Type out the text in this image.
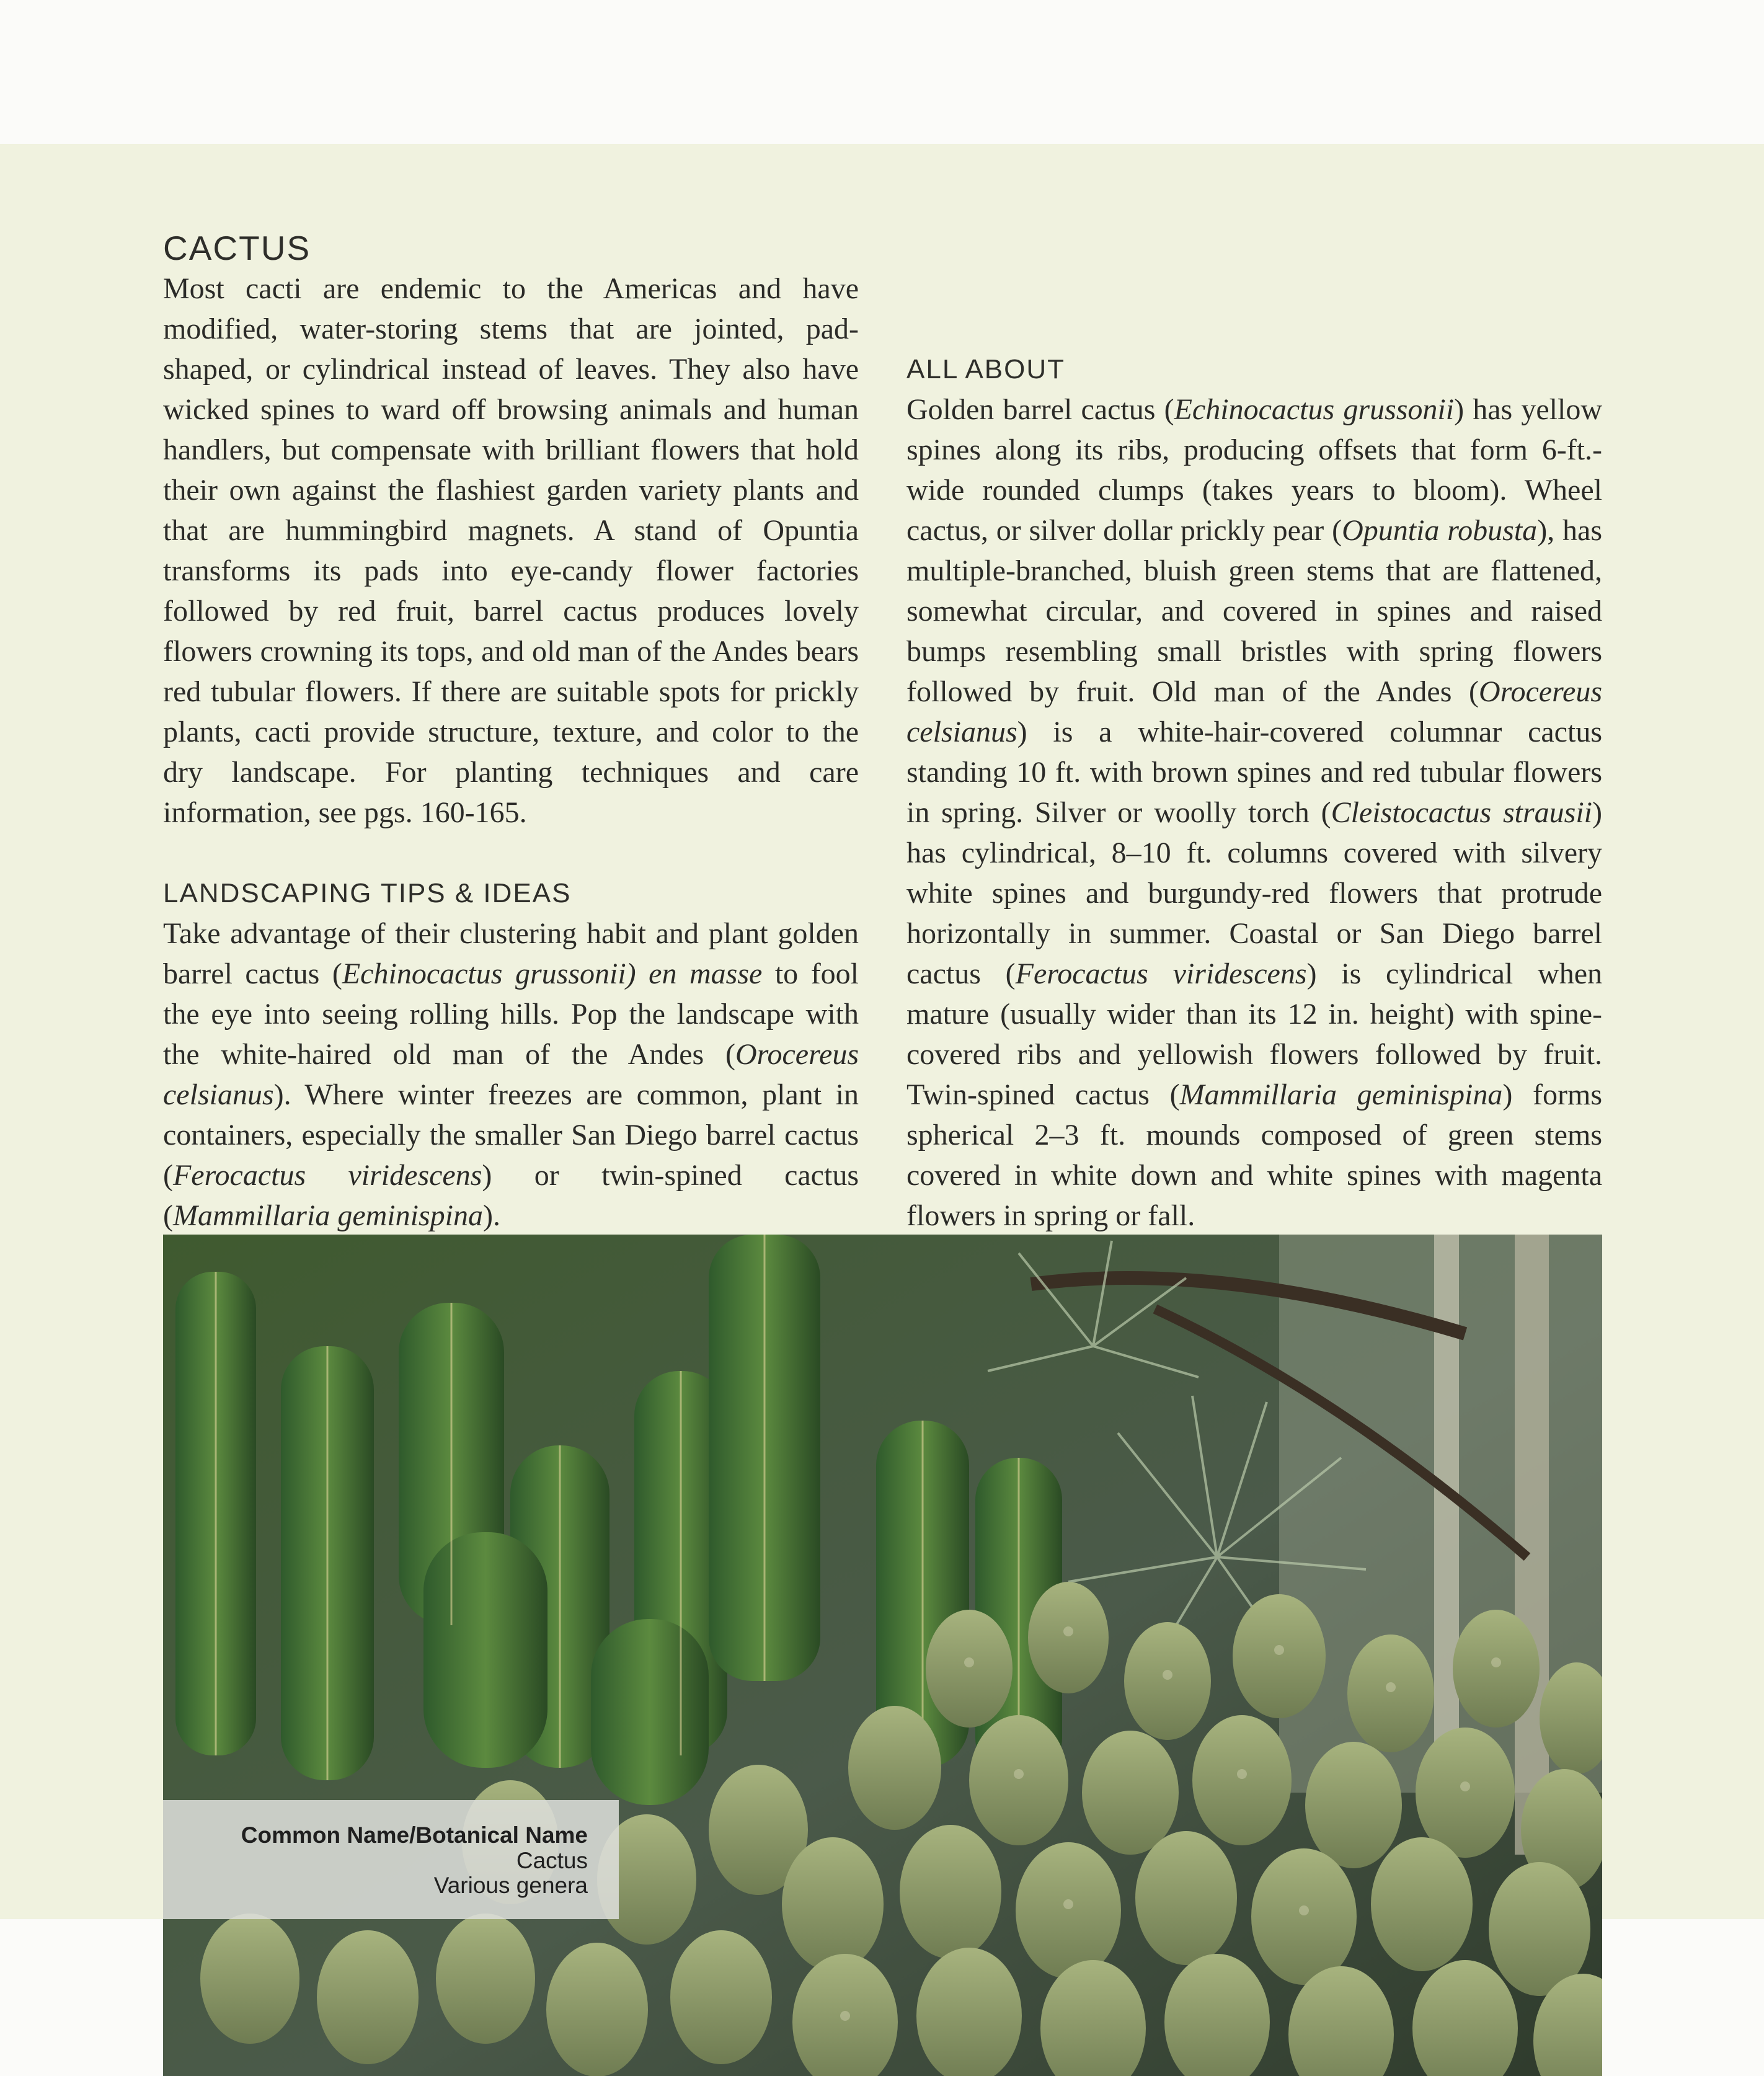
CACTUS

Most cacti are endemic to the Americas and have modified, water-storing stems that are jointed, pad-shaped, or cylindrical instead of leaves. They also have wicked spines to ward off browsing animals and human handlers, but compensate with brilliant flowers that hold their own against the flashiest garden variety plants and that are hummingbird magnets. A stand of Opuntia transforms its pads into eye-candy flower factories followed by red fruit, barrel cactus produces lovely flowers crowning its tops, and old man of the Andes bears red tubular flowers. If there are suitable spots for prickly plants, cacti provide structure, texture, and color to the dry landscape. For planting techniques and care information, see pgs. 160-165.

LANDSCAPING TIPS & IDEAS

Take advantage of their clustering habit and plant golden barrel cactus (Echinocactus grussonii) en masse to fool the eye into seeing rolling hills. Pop the landscape with the white-haired old man of the Andes (Orocereus celsianus). Where winter freezes are common, plant in containers, especially the smaller San Diego barrel cactus (Ferocactus viridescens) or twin-spined cactus (Mammillaria geminispina).

ALL ABOUT

Golden barrel cactus (Echinocactus grussonii) has yellow spines along its ribs, producing offsets that form 6-ft.-wide rounded clumps (takes years to bloom). Wheel cactus, or silver dollar prickly pear (Opuntia robusta), has multiple-branched, bluish green stems that are flattened, somewhat circular, and covered in spines and raised bumps resembling small bristles with spring flowers followed by fruit. Old man of the Andes (Orocereus celsianus) is a white-hair-covered columnar cactus standing 10 ft. with brown spines and red tubular flowers in spring. Silver or woolly torch (Cleistocactus strausii) has cylindrical, 8–10 ft. columns covered with silvery white spines and burgundy-red flowers that protrude horizontally in summer. Coastal or San Diego barrel cactus (Ferocactus viridescens) is cylindrical when mature (usually wider than its 12 in. height) with spine-covered ribs and yellowish flowers followed by fruit. Twin-spined cactus (Mammillaria geminispina) forms spherical 2–3 ft. mounds composed of green stems covered in white down and white spines with magenta flowers in spring or fall.

Common Name/Botanical Name
Cactus
Various genera
